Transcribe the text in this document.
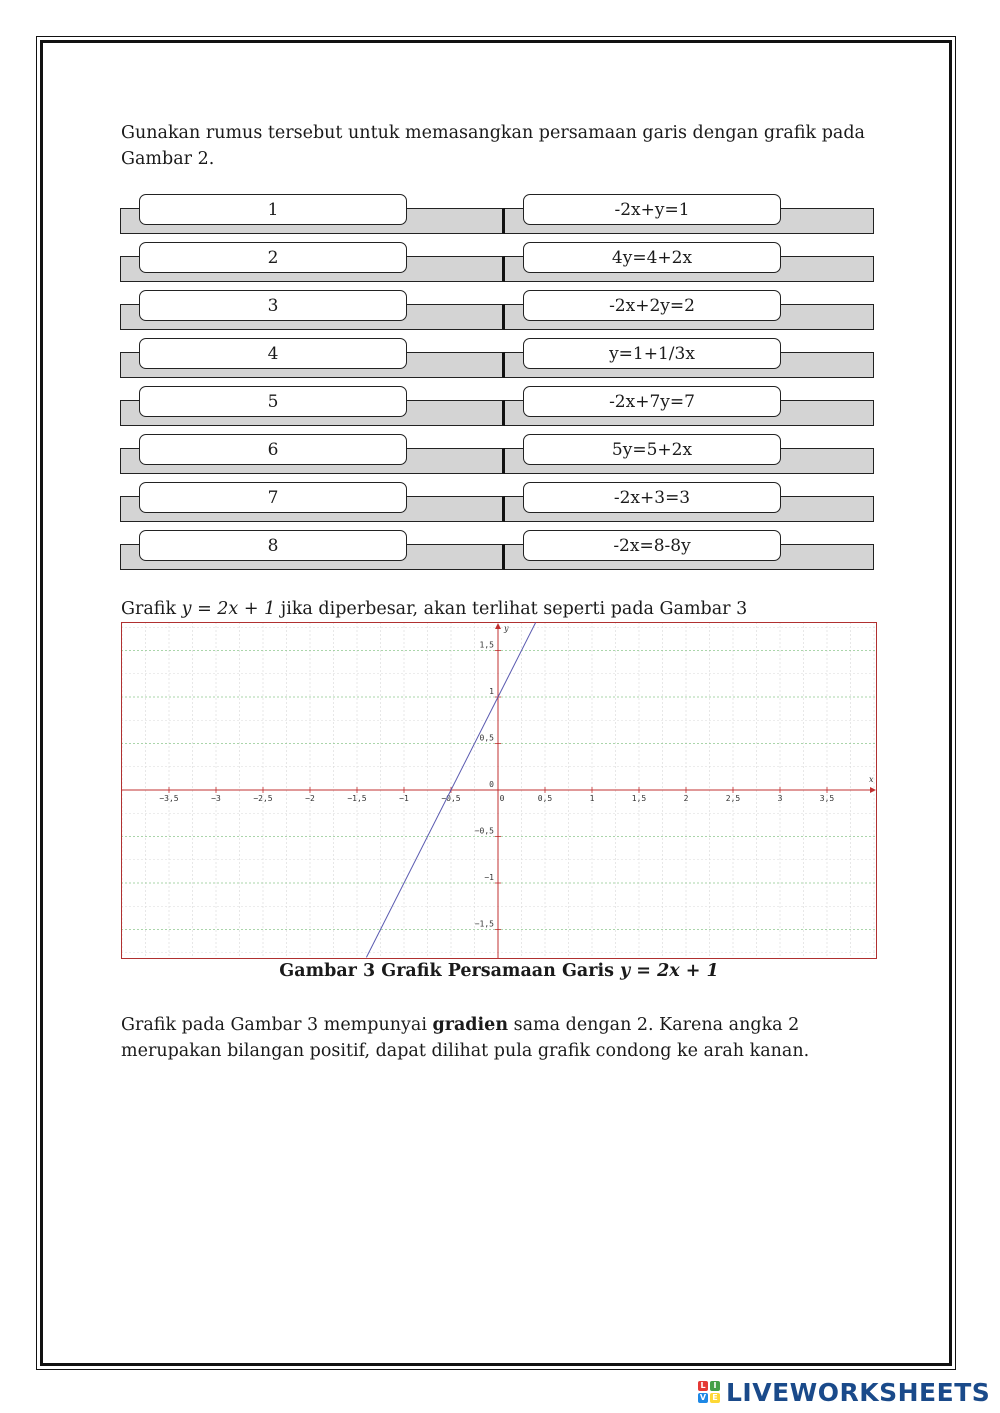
Gunakan rumus tersebut untuk memasangkan persamaan garis dengan grafik pada Gambar 2.

1	-2x+y=1
2	4y=4+2x
3	-2x+2y=2
4	y=1+1/3x
5	-2x+7y=7
6	5y=5+2x
7	-2x+3=3
8	-2x=8-8y

Grafik y = 2x + 1 jika diperbesar, akan terlihat seperti pada Gambar 3

−3,5	−3	−2,5	−2	−1,5	−1	−0,5	0	0,5	1	1,5	2	2,5	3	3,5
−1,5
−1
−0,5
0
0,5
1
1,5
x
y
Gambar 3 Grafik Persamaan Garis y = 2x + 1

Grafik pada Gambar 3 mempunyai gradien sama dengan 2. Karena angka 2 merupakan bilangan positif, dapat dilihat pula grafik condong ke arah kanan.

L I
V E LIVEWORKSHEETS
